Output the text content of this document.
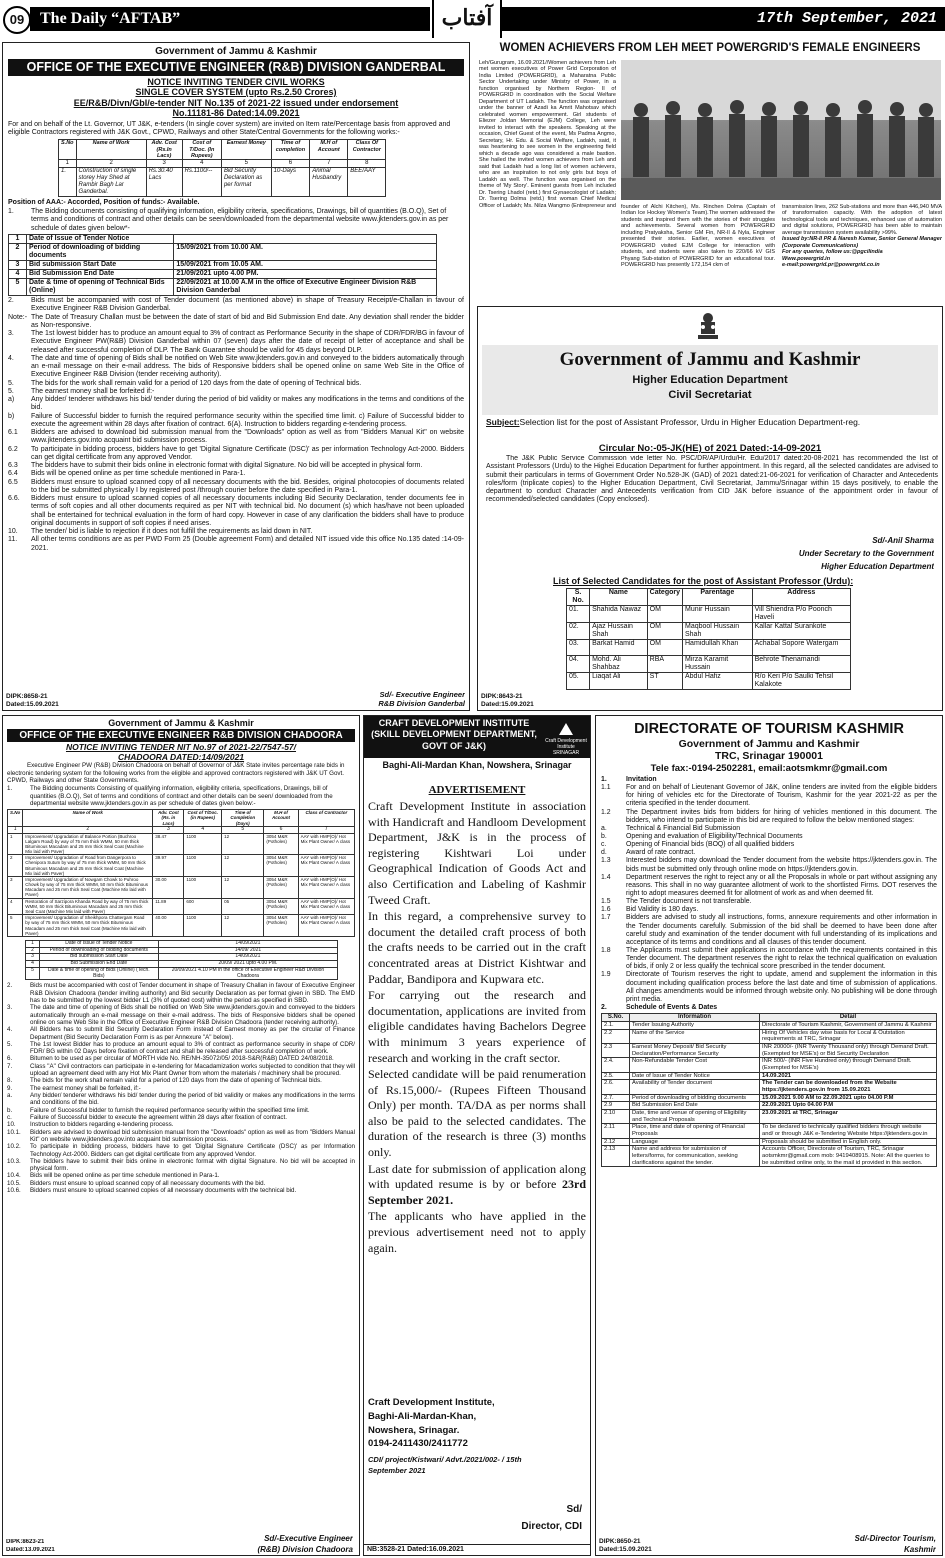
09 The Daily “AFTAB”	آفتاب	17th September, 2021
Government of Jammu & Kashmir
OFFICE OF THE EXECUTIVE ENGINEER (R&B) DIVISION GANDERBAL
NOTICE INVITING TENDER CIVIL WORKS
SINGLE COVER SYSTEM (upto Rs.2.50 Crores)
EE/R&B/Divn/Gbl/e-tender NIT No.135 of 2021-22 issued under endorsement
No.11181-86 Dated:14.09.2021

For and on behalf of the Lt. Governor, UT J&K, e-tenders (In single cover system) are invited on Item rate/Percentage basis from approved and eligible Contractors registered with J&K Govt., CPWD, Railways and other State/Central Governments for the following works:-

S.No	Name of Work	Adv. Cost (Rs.In Lacs)	Cost of T/Doc. (In Rupees)	Earnest Money	Time of completion	M.H of Account	Class Of Contractor
1	2	3	4	5	6	7	8
1.	Construction of single storey Hay Shed at Rambir Bagh Lar Ganderbal.	Rs.30.40 Lacs	Rs.1100/--	Bid Security Declaration as per format	10-Days	Animal Husbandry	BEE/AAY

Position of AAA:- Accorded, Position of funds:- Available.

1.	The Bidding documents consisting of qualifying information, eligibility criteria, specifications, Drawings, bill of quantities (B.O.Q), Set of terms and conditions of contract and other details can be seen/downloaded from the departmental website www.jktenders.gov.in as per schedule of dates given below*-
1	Date of Issue of Tender Notice	
2	Period of downloading of bidding documents	15/09/2021 from 10.00 AM.
3	Bid submission Start Date	15/09/2021 from 10.05 AM.
4	Bid Submission End Date	21/09/2021 upto 4.00 PM.
5	Date & time of opening of Technical Bids (Online)	22/09/2021 at 10.00 A.M in the office of Executive Engineer Division R&B Division Ganderbal
2.	Bids must be accompanied with cost of Tender document (as mentioned above) in shape of Treasury Receipt/e-Challan in favour of Executive Engineer R&B Division Ganderbal.
Note:- The Date of Treasury Challan must be between the date of start of bid and Bid Submission End date. Any deviation shall render the bidder as Non-responsive.
3.	The 1st lowest bidder has to produce an amount equal to 3% of contract as Performance Security in the shape of CDR/FDR/BG in favour of Executive Engineer PW(R&B) Division Ganderbal within 07 (seven) days after the date of receipt of letter of acceptance and shall be released after successful completion of DLP. The Bank Guarantee should be valid for 45 days beyond DLP.
4.	The date and time of opening of Bids shall be notified on Web Site www.jktenders.gov.in and conveyed to the bidders automatically through an e-mail message on their e-mail address. The bids of Responsive bidders shall be opened online on same Web Site in the Office of Executive Engineer R&B Division (tender receiving authority).
5.	The bids for the work shall remain valid for a period of 120 days from the date of opening of Technical bids.
5.	The earnest money shall be forfeited if:-
a)	Any bidder/ tenderer withdraws his bid/ tender during the period of bid validity or makes any modifications in the terms and conditions of the bid.
b)	Failure of Successful bidder to furnish the required performance security within the specified time limit. c) Failure of Successful bidder to execute the agreement within 28 days after fixation of contract. 6(A). Instruction to bidders regarding e-tendering process.
6.1	Bidders are advised to download bid submission manual from the "Downloads" option as well as from "Bidders Manual Kit" on website www.jktenders.gov.into acquaint bid submission process.
6.2	To participate in bidding process, bidders have to get 'Digital Signature Certificate (DSC)' as per information Technology Act-2000. Bidders can get digital certificate from any approved Vendor.
6.3	The bidders have to submit their bids online in electronic format with digital Signature. No bid will be accepted in physical form.
6.4	Bids will be opened online as per time schedule mentioned in Para-1.
6.5	Bidders must ensure to upload scanned copy of all necessary documents with the bid. Besides, original photocopies of documents related to the bid be submitted physically I by registered post /through courier before the date specified in Para-1.
6.6.	Bidders must ensure to upload scanned copies of all necessary documents including Bid Security Declaration, tender documents fee in terms of soft copies and all other documents required as per NIT with technical bid. No document (s) which has/have not been uploaded shall be entertained for technical evaluation in the form of hard copy. However in case of any clarification the bidders shall have to produce original documents in support of soft copies if need arises.
10.	The tender/ bid is liable to rejection if it does not fulfill the requirements as laid down in NIT.
11.	All other terms conditions are as per PWD Form 25 (Double agreement Form) and detailed NIT issued vide this office No.135 dated :14-09-2021.
DIPK:8658-21
Dated:15.09.2021
Sd/- Executive Engineer
R&B Division Ganderbal
WOMEN ACHIEVERS FROM LEH MEET POWERGRID'S FEMALE ENGINEERS
Leh/Gurugram, 16.09.2021//Women achievers from Leh met women executives of Power Grid Corporation of India Limited (POWERGRID), a Maharatna Public Sector Undertaking under Ministry of Power, in a function organised by Northern Region- II of POWERGRID in coordination with the Social Welfare Department of UT Ladakh. The function was organised under the banner of Azadi ka Amrit Mahotsav which celebrated women empowerment. Girl students of Eliezer Joldan Memorial (EJM) College, Leh were invited to interact with the speakers. Speaking at the occasion, Chief Guest of the event, Ms Padma Angmo, Secretary, Hr. Edu. & Social Welfare, Ladakh, said, it was heartening to see women in the engineering field which a decade ago was considered a male bastion. She hailed the invited women achievers from Leh and said that Ladakh had a long list of women achievers, who are an inspiration to not only girls but boys of Ladakh as well. The function was organised on the theme of 'My Story'. Eminent guests from Leh included Dr. Tsering Lhadol (retd.) first Gynaecologist of Ladakh; Dr. Tsering Dolma (retd.) first woman Chief Medical Officer of Ladakh; Ms. Nilza Wangmo (Entrepreneur and founder of Alchi Kitchen), Ms. Rinchen Dolma (Captain of Indian Ice Hockey Women's Team).The women addressed the students and inspired them with the stories of their struggles and achievements. Several women from POWERGRID including Pratyaksha, Senior GM Fin, NR-II & Nyla, Engineer presented their stories. Earlier, women executives of POWERGRID visited EJM College for interaction with students, and students were also taken to 220/66 kV GIS Phyang Sub-station of POWERGRID for an educational tour. POWERGRID has presently 172,154 ckm of
transmission lines, 262 Sub-stations and more than 446,940 MVA of transformation capacity. With the adoption of latest technological tools and techniques, enhanced use of automation and digital solutions, POWERGRID has been able to maintain average transmission system availability >99%.
Issued by:NR-II PR & Naresh Kumar, Senior General Manager (Corporate Communications)
For any queries, follow us:@pgcilindia
Www.powergrid.in
e-mail:powergrid.pr@powergrid.co.in
Government of Jammu and Kashmir
Higher Education Department
Civil Secretariat
Subject:Selection list for the post of Assistant Professor, Urdu in Higher Education Department-reg.
Circular No:-05-JK(HE) of 2021 Dated:-14-09-2021
The J&K Public Service Commission vide letter No. PSC/DR/AP/Urdu/Hr. Edu/2017 dated:20-08-2021 has recommended the list of Assistant Professors (Urdu) to the Highei Education Department for further appointment. In this regard, all the selected candidates are advised to submit their particulars in terms of Government Order No.528-JK (GAD) of 2021 dated:21-06-2021 for verification of Character and Antecedents roles/form (triplicate copies) to the Higher Education Department, Civil Secretariat, Jammu/Srinagar within 15 days positively, to enable the department to conduct Character and Antecedents verification from CID J&K before issuance of the appointment order in favour of recommended/selected candidates (Copy enclosed).
Sd/-Anil Sharma
Under Secretary to the Government
Higher Education Department
List of Selected Candidates for the post of Assistant Professor (Urdu):
S. No.	Name	Category	Parentage	Address
01.	Shahida Nawaz	OM	Munir Hussain	Vill Shiendra P/o Poonch Haveli
02.	Ajaz Hussain Shah	OM	Maqbool Hussain Shah	Kallar Kattal Surankote
03.	Barkat Hamid	OM	Hamidullah Khan	Achabal Sopore Watergam
04.	Mohd. Ali Shahbaz	RBA	Mirza Karamit Hussain	Behrote Thenamandi
05.	Liaqat Ali	ST	Abdul Hafiz	R/o Keri P/o Saulki Tehsil Kalakote
DIPK:8643-21
Dated:15.09.2021
Government of Jammu & Kashmir
OFFICE OF THE EXECUTIVE ENGINEER R&B DIVISION CHADOORA
NOTICE INVITING TENDER NIT No.97 of 2021-22/7547-57/
CHADOORA DATED:14/09/2021

Executive Engineer PW (R&B) Division Chadoora on behalf of Governor of J&K State invites percentage rate bids in electronic tendering system for the following works from the eligible and approved contractors registered with J&K UT Govt. CPWD, Railways and other State Governments.

1.	The Bidding documents Consisting of qualifying information, eligibility criteria, specifications, Drawings, bill of quantities (B.O.Q), Set of terms and conditions of contract and other details can be seen/ downloaded from the departmental website www.jktenders.gov.in as per schedule of dates given below:-
S.No	Name of Work	Adv. Cost (Rs. in Lacs)	Cost of T/Doc. (in Rupees)	Time of Completion (Days)	M.H of Account	Class of Contractor
1	2	3	4	5	6	7
1	Improvement/ Upgradation of Balance Portion (Buchroo Lalgam Road) by way of 75 mm thick WMM, 50 mm thick Bituminous Macadam and 25 mm thick Seal Coat (Machine Mix laid with Paver)	38.47	1100	12	3054 M&R (Potholes)	AAY with HMP(O)/ Hot Mix Plant Owner/ A class
2	Improvement/ Upgradation of Road from Dangerpora to Chenipora Sutum by way of 75 mm thick WMM, 50 mm thick Bituminous Macadam and 25 mm thick Seal Coat (Machine Mix laid with Paver)	39.97	1100	12	3054 M&R (Potholes)	AAY with HMP(O)/ Hot Mix Plant Owner/ A class
3	Improvement/ Upgradation of Nowgam Chowk to Puhroo Chowk by way of 75 mm thick WMM, 50 mm thick Bituminous Macadam and 25 mm thick Seal Coat (Machine Mix laid with Paver)	30.00	1100	12	3054 M&R (Potholes)	AAY with HMP(O)/ Hot Mix Plant Owner/ A class
4	Restoration of Sarzipora Khanda Road by way of 75 mm thick WMM, 50 mm thick Bituminous Macadam and 25 mm thick Seal Coat (Machine Mix laid with Paver)	11.89	600	05	3054 M&R (Potholes)	AAY with HMP(O)/ Hot Mix Plant Owner/ A class
5	Improvement/ Upgradation of Sheikhpora Chattergam Road by way of 75 mm thick WMM, 50 mm thick Bituminous Macadam and 25 mm thick Seal Coat (Machine Mix laid with Paver)	40.00	1100	12	3054 M&R (Potholes)	AAY with HMP(O)/ Hot Mix Plant Owner/ A class
1	Date of Issue of Tender Notice	14/09/2021
2	Period of downloading of bidding documents	14/09/ 2021
3	Bid submission Start Date	14/09/2021
4	Bid Submission End Date	20/09/ 2021 upto 4.00 PM.
5	Date & time of opening of Bids (Online) (Tech. Bids)	20/09/2021 4.10 PM in the office of Executive Engineer R&B Division Chadoora
2.	Bids must be accompanied with cost of Tender document in shape of Treasury Challan in favour of Executive Engineer R&B Division Chadoora (tender inviting authority) and Bid security Declaration as per format given in SBD. The EMD has to be submitted by the lowest bidder L1 (3% of quoted cost) within the period as specified in SBD.
3.	The date and time of opening of Bids shall be notified on Web Site www.jktenders.gov.in and conveyed to the bidders automatically through an e-mail message on their e-mail address. The bids of Responsive bidders shall be opened online on same Web Site in the Office of Executive Engineer R&B Division Chadoora (tender receiving authority).
4.	All Bidders has to submit Bid Security Declaration Form instead of Earnest money as per the circular of Finance Department (Bid Security Declaration Form is as per Annexure "A" below).
5.	The 1st lowest Bidder has to produce an amount equal to 3% of contract as performance security in shape of CDR/ FDR/ BG within 02 Days before fixation of contract and shall be released after successful completion of work.
6.	Bitumen to be used as per circular of MORTH vide No. RE/NH-35072/05/ 2018-S&R(R&B) DATED 24/08/2018.
7.	Class "A" Civil contractors can participate in e-tendering for Macadamization works subjected to condition that they will upload an agreement deed with any Hot Mix Plant Owner from whom the materials / machinery shall be procured.
8.	The bids for the work shall remain valid for a period of 120 days from the date of opening of Technical bids.
9.	The earnest money shall be forfeited, if:-
a.	Any bidder/ tenderer withdraws his bid/ tender during the period of bid validity or makes any modifications in the terms and conditions of the bid.
b.	Failure of Successful bidder to furnish the required performance security within the specified time limit.
c.	Failure of Successful bidder to execute the agreement within 28 days after fixation of contract.
10.	Instruction to bidders regarding e-tendering process.
10.1.	Bidders are advised to download bid submission manual from the "Downloads" option as well as from "Bidders Manual Kit" on website www.jktenders.gov.into acquaint bid submission process.
10.2.	To participate in bidding process, bidders have to get 'Digital Signature Certificate (DSC)' as per Information Technology Act-2000. Bidders can get digital certificate from any approved Vendor.
10.3.	The bidders have to submit their bids online in electronic format with digital Signature. No bid will be accepted in physical form.
10.4.	Bids will be opened online as per time schedule mentioned in Para-1.
10.5.	Bidders must ensure to upload scanned copy of all necessary documents with the bid.
10.6.	Bidders must ensure to upload scanned copies of all necessary documents with the technical bid.
DIPK:8623-21
Dated:13.09.2021
Sd/-Executive Engineer
(R&B) Division Chadoora
CRAFT DEVELOPMENT INSTITUTE (SKILL DEVELOPMENT DEPARTMENT, GOVT OF J&K)	Craft Development Institute SRINAGAR
Baghi-Ali-Mardan Khan, Nowshera, Srinagar
ADVERTISEMENT

Craft Development Institute in association with Handicraft and Handloom Development Department, J&K is in the process of registering Kishtwari Loi under Geographical Indication of Goods Act and also Certification and Labeling of Kashmir Tweed Craft.

In this regard, a comprehensive survey to document the detailed craft process of both the crafts needs to be carried out in the craft concentrated areas at District Kishtwar and Paddar, Bandipora and Kupwara etc.

For carrying out the research and documentation, applications are invited from eligible candidates having Bachelors Degree with minimum 3 years experience of research and working in the craft sector.

Selected candidate will be paid renumeration of Rs.15,000/- (Rupees Fifteen Thousand Only) per month. TA/DA as per norms shall also be paid to the selected candidates. The duration of the research is three (3) months only.

Last date for submission of application along with updated resume is by or before 23rd September 2021.

The applicants who have applied in the previous advertisement need not to apply again.

Craft Development Institute,
Baghi-Ali-Mardan-Khan,
Nowshera, Srinagar.
0194-2411430/2411772
CDI/ project/Kistwari/ Advt./2021/002- / 15th September 2021
Sd/
Director, CDI
NB:3528-21 Dated:16.09.2021
DIRECTORATE OF TOURISM KASHMIR
Government of Jammu and Kashmir
TRC, Srinagar 190001
Tele fax:-0194-2502281, email:aotsmkmr@gmail.com
1.	Invitation
1.1	For and on behalf of Lieutenant Governor of J&K, online tenders are invited from the eligible bidders for hiring of vehicles etc for the Directorate of Tourism, Kashmir for the year 2021-22 as per the criteria specified in the tender document.
1.2	The Department invites bids from bidders for hiring of vehicles mentioned in this document. The bidders, who intend to participate in this bid are required to follow the below mentioned stages:
a.	Technical & Financial Bid Submission
b.	Opening and evaluation of Eligibility/Technical Documents
c.	Opening of Financial bids (BOQ) of all qualified bidders
d.	Award of rate contract.
1.3	Interested bidders may download the Tender document from the website https://jktenders.gov.in. The bids must be submitted only through online mode on https://jktenders.gov.in.
1.4	Department reserves the right to reject any or all the Proposals in whole or part without assigning any reasons. This shall in no way guarantee allotment of work to the shortlisted Firms. DOT reserves the right to adopt measures deemed fit for allotment of work as and when deemed fit.
1.5	The Tender document is not transferable.
1.6	Bid Validity is 180 days.
1.7	Bidders are advised to study all instructions, forms, annexure requirements and other information in the Tender documents carefully. Submission of the bid shall be deemed to have been done after careful study and examination of the tender document with full understanding of its implications and acceptance of its terms and conditions and all clauses of this tender document.
1.8	The Applicants must submit their applications in accordance with the requirements contained in this Tender document. The department reserves the right to relax the technical qualification on evaluation of bids, if only 2 or less qualify the technical score prescribed in the tender document.
1.9	Directorate of Tourism reserves the right to update, amend and supplement the information in this document including qualification process before the last date and time of submission of applications. All changes amendments would be informed through website only. No publishing will be done through print media.
2.	Schedule of Events & Dates
S.No.	Information	Detail
2.1.	Tender Issuing Authority	Directorate of Tourism Kashmir, Government of Jammu & Kashmir
2.2	Name of the Service	Hiring Of Vehicles day wise basis for Local & Outstation requirements at TRC, Srinagar
2.3	Earnest Money Deposit/ Bid Security Declaration/Performance Security	INR 20000/- (INR Twenty Thousand only) through Demand Draft. (Exempted for MSE's) or Bid Security Declaration
2.4.	Non-Refundable Tender Cost	INR 500/- (INR Five Hundred only) through Demand Draft. (Exempted for MSE's)
2.5.	Date of Issue of Tender Notice	14.09.2021
2.6.	Availability of Tender document	The Tender can be downloaded from the Website https://jktenders.gov.in from 15.09.2021
2.7.	Period of downloading of bidding documents	15.09.2021 9.00 AM to 22.09.2021 upto 04.00 P.M
2.9	Bid Submission End Date	22.09.2021 Upto 04.00 P.M
2.10	Date, time and venue of opening of Eligibility and Technical Proposals	23.09.2021 at TRC, Srinagar
2.11	Place, time and date of opening of Financial Proposals	To be declared to technically qualified bidders through website and/ or through J&K e-Tendering Website https://jktenders.gov.in
2.12	Language	Proposals should be submitted in English only.
2.13	Name and address for submission of letters/forms, for communication, seeking clarifications against the tender.	Accounts Officer, Directorate of Tourism, TRC, Srinagar aotsmkmr@gmail.com mob: 9419408915. Note: All the queries to be submitted online only, to the mail id provided in this section.
DIPK:8650-21
Dated:15.09.2021
Sd/-Director Tourism,
Kashmir
